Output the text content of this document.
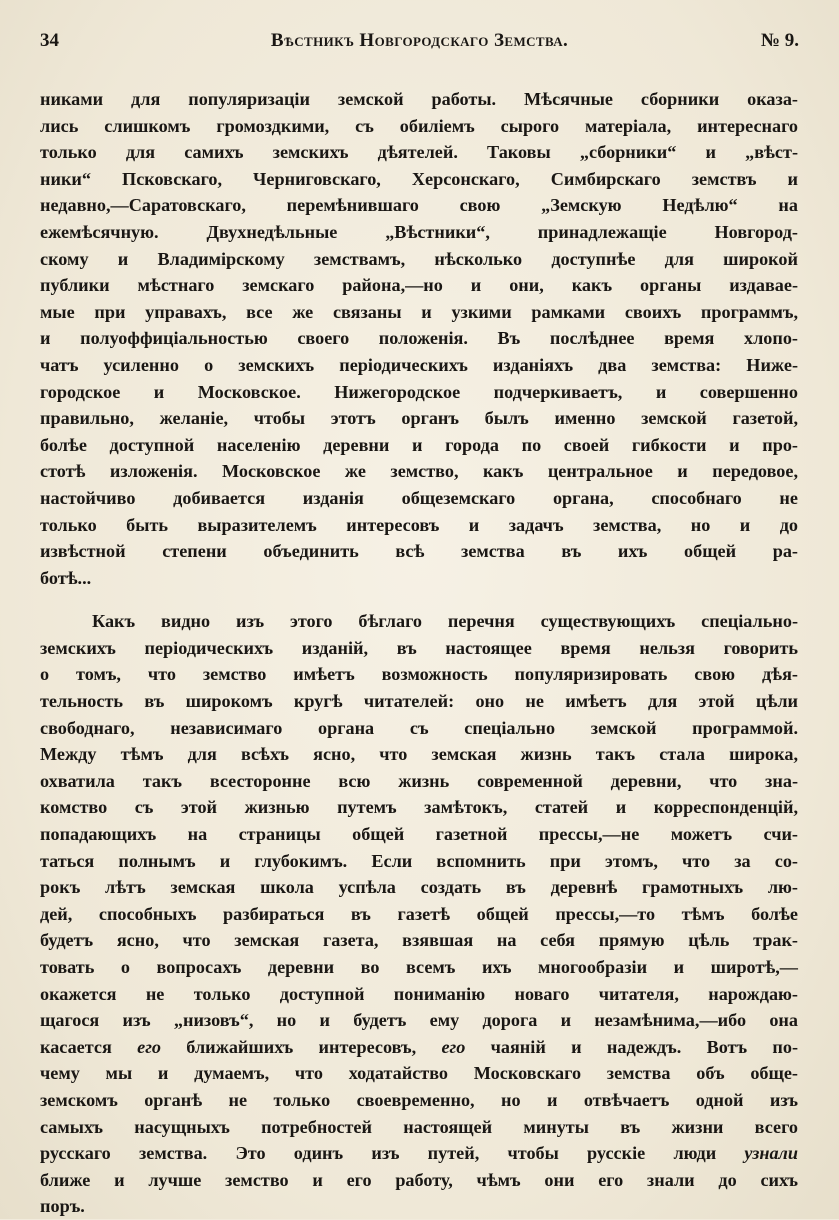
34	Вѣстникъ Новгородскаго Земства.	№ 9.
никами для популяризаціи земской работы. Мѣсячные сборники оказа-
лись слишкомъ громоздкими, съ обиліемъ сырого матеріала, интереснаго
только для самихъ земскихъ дѣятелей. Таковы „сборники“ и „вѣст-
ники“ Псковскаго, Черниговскаго, Херсонскаго, Симбирскаго земствъ и
недавно,—Саратовскаго, перемѣнившаго свою „Земскую Недѣлю“ на
ежемѣсячную. Двухнедѣльные „Вѣстники“, принадлежащіе Новгород-
скому и Владимірскому земствамъ, нѣсколько доступнѣе для широкой
публики мѣстнаго земскаго района,—но и они, какъ органы издавае-
мые при управахъ, все же связаны и узкими рамками своихъ программъ,
и полуоффиціальностью своего положенія. Въ послѣднее время хлопо-
чатъ усиленно о земскихъ періодическихъ изданіяхъ два земства: Ниже-
городское и Московское. Нижегородское подчеркиваетъ, и совершенно
правильно, желаніе, чтобы этотъ органъ былъ именно земской газетой,
болѣе доступной населенію деревни и города по своей гибкости и про-
стотѣ изложенія. Московское же земство, какъ центральное и передовое,
настойчиво добивается изданія общеземскаго органа, способнаго не
только быть выразителемъ интересовъ и задачъ земства, но и до
извѣстной степени объединить всѣ земства въ ихъ общей ра-
ботѣ...
Какъ видно изъ этого бѣглаго перечня существующихъ спеціально-
земскихъ періодическихъ изданій, въ настоящее время нельзя говорить
о томъ, что земство имѣетъ возможность популяризировать свою дѣя-
тельность въ широкомъ кругѣ читателей: оно не имѣетъ для этой цѣли
свободнаго, независимаго органа съ спеціально земской программой.
Между тѣмъ для всѣхъ ясно, что земская жизнь такъ стала широка,
охватила такъ всесторонне всю жизнь современной деревни, что зна-
комство съ этой жизнью путемъ замѣтокъ, статей и корреспонденцій,
попадающихъ на страницы общей газетной прессы,—не можетъ счи-
таться полнымъ и глубокимъ. Если вспомнить при этомъ, что за со-
рокъ лѣтъ земская школа успѣла создать въ деревнѣ грамотныхъ лю-
дей, способныхъ разбираться въ газетѣ общей прессы,—то тѣмъ болѣе
будетъ ясно, что земская газета, взявшая на себя прямую цѣль трак-
товать о вопросахъ деревни во всемъ ихъ многообразіи и широтѣ,—
окажется не только доступной пониманію новаго читателя, нарождаю-
щагося изъ „низовъ“, но и будетъ ему дорога и незамѣнима,—ибо она
касается его ближайшихъ интересовъ, его чаяній и надеждъ. Вотъ по-
чему мы и думаемъ, что ходатайство Московскаго земства объ обще-
земскомъ органѣ не только своевременно, но и отвѣчаетъ одной изъ
самыхъ насущныхъ потребностей настоящей минуты въ жизни всего
русскаго земства. Это одинъ изъ путей, чтобы русскіе люди узнали
ближе и лучше земство и его работу, чѣмъ они его знали до сихъ
поръ.
